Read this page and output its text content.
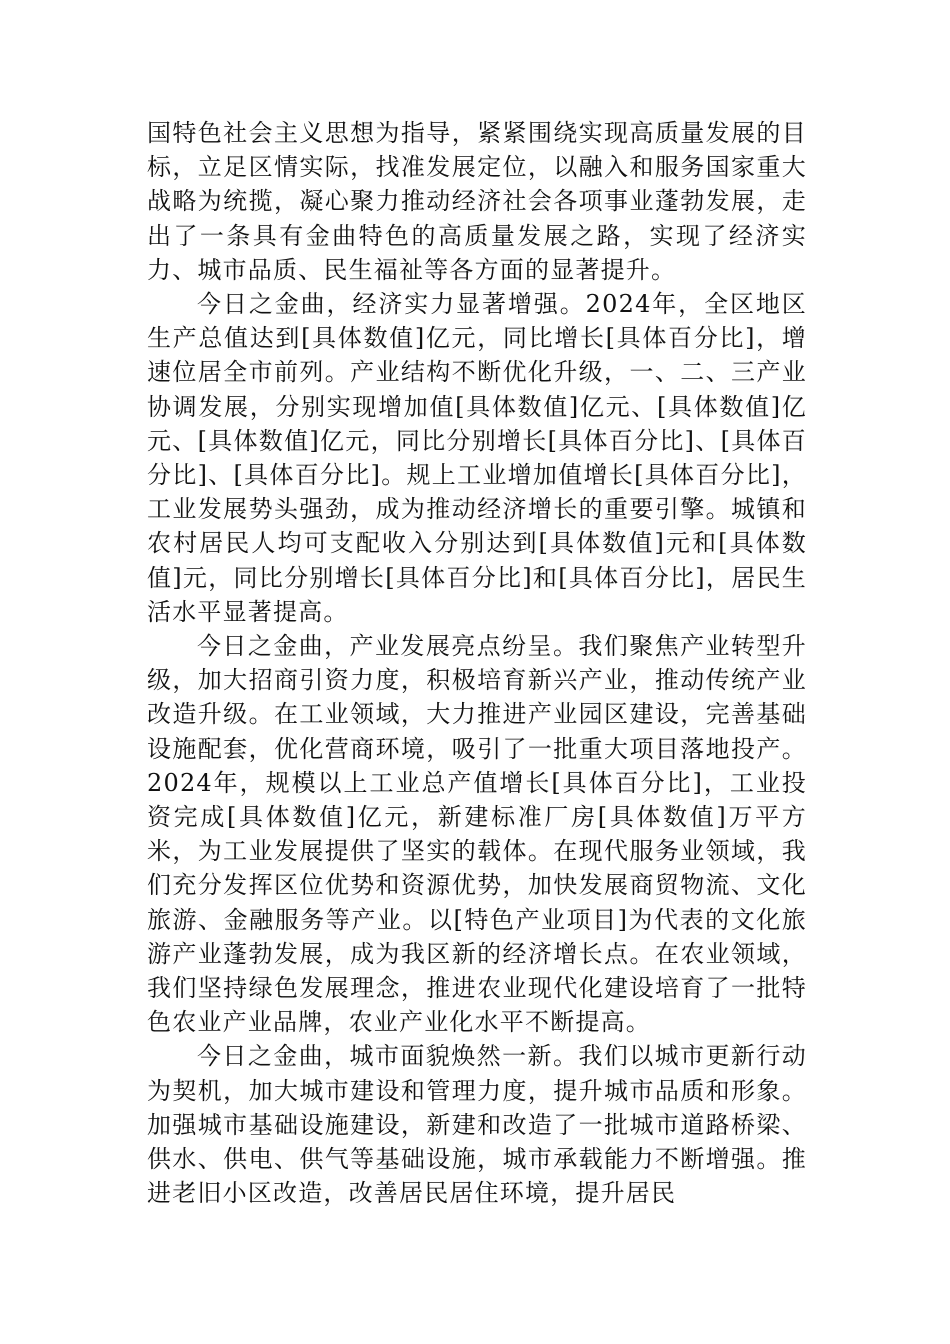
国特色社会主义思想为指导，紧紧围绕实现高质量发展的目标，立足区情实际，找准发展定位，以融入和服务国家重大战略为统揽，凝心聚力推动经济社会各项事业蓬勃发展，走出了一条具有金曲特色的高质量发展之路，实现了经济实力、城市品质、民生福祉等各方面的显著提升。

今日之金曲，经济实力显著增强。2024年，全区地区生产总值达到[具体数值]亿元，同比增长[具体百分比]，增速位居全市前列。产业结构不断优化升级，一、二、三产业协调发展，分别实现增加值[具体数值]亿元、[具体数值]亿元、[具体数值]亿元，同比分别增长[具体百分比]、[具体百分比]、[具体百分比]。规上工业增加值增长[具体百分比]，工业发展势头强劲，成为推动经济增长的重要引擎。城镇和农村居民人均可支配收入分别达到[具体数值]元和[具体数值]元，同比分别增长[具体百分比]和[具体百分比]，居民生活水平显著提高。

今日之金曲，产业发展亮点纷呈。我们聚焦产业转型升级，加大招商引资力度，积极培育新兴产业，推动传统产业改造升级。在工业领域，大力推进产业园区建设，完善基础设施配套，优化营商环境，吸引了一批重大项目落地投产。2024年，规模以上工业总产值增长[具体百分比]，工业投资完成[具体数值]亿元，新建标准厂房[具体数值]万平方米，为工业发展提供了坚实的载体。在现代服务业领域，我们充分发挥区位优势和资源优势，加快发展商贸物流、文化旅游、金融服务等产业。以[特色产业项目]为代表的文化旅游产业蓬勃发展，成为我区新的经济增长点。在农业领域，我们坚持绿色发展理念，推进农业现代化建设培育了一批特色农业产业品牌，农业产业化水平不断提高。

今日之金曲，城市面貌焕然一新。我们以城市更新行动为契机，加大城市建设和管理力度，提升城市品质和形象。加强城市基础设施建设，新建和改造了一批城市道路桥梁、供水、供电、供气等基础设施，城市承载能力不断增强。推进老旧小区改造，改善居民居住环境，提升居民
